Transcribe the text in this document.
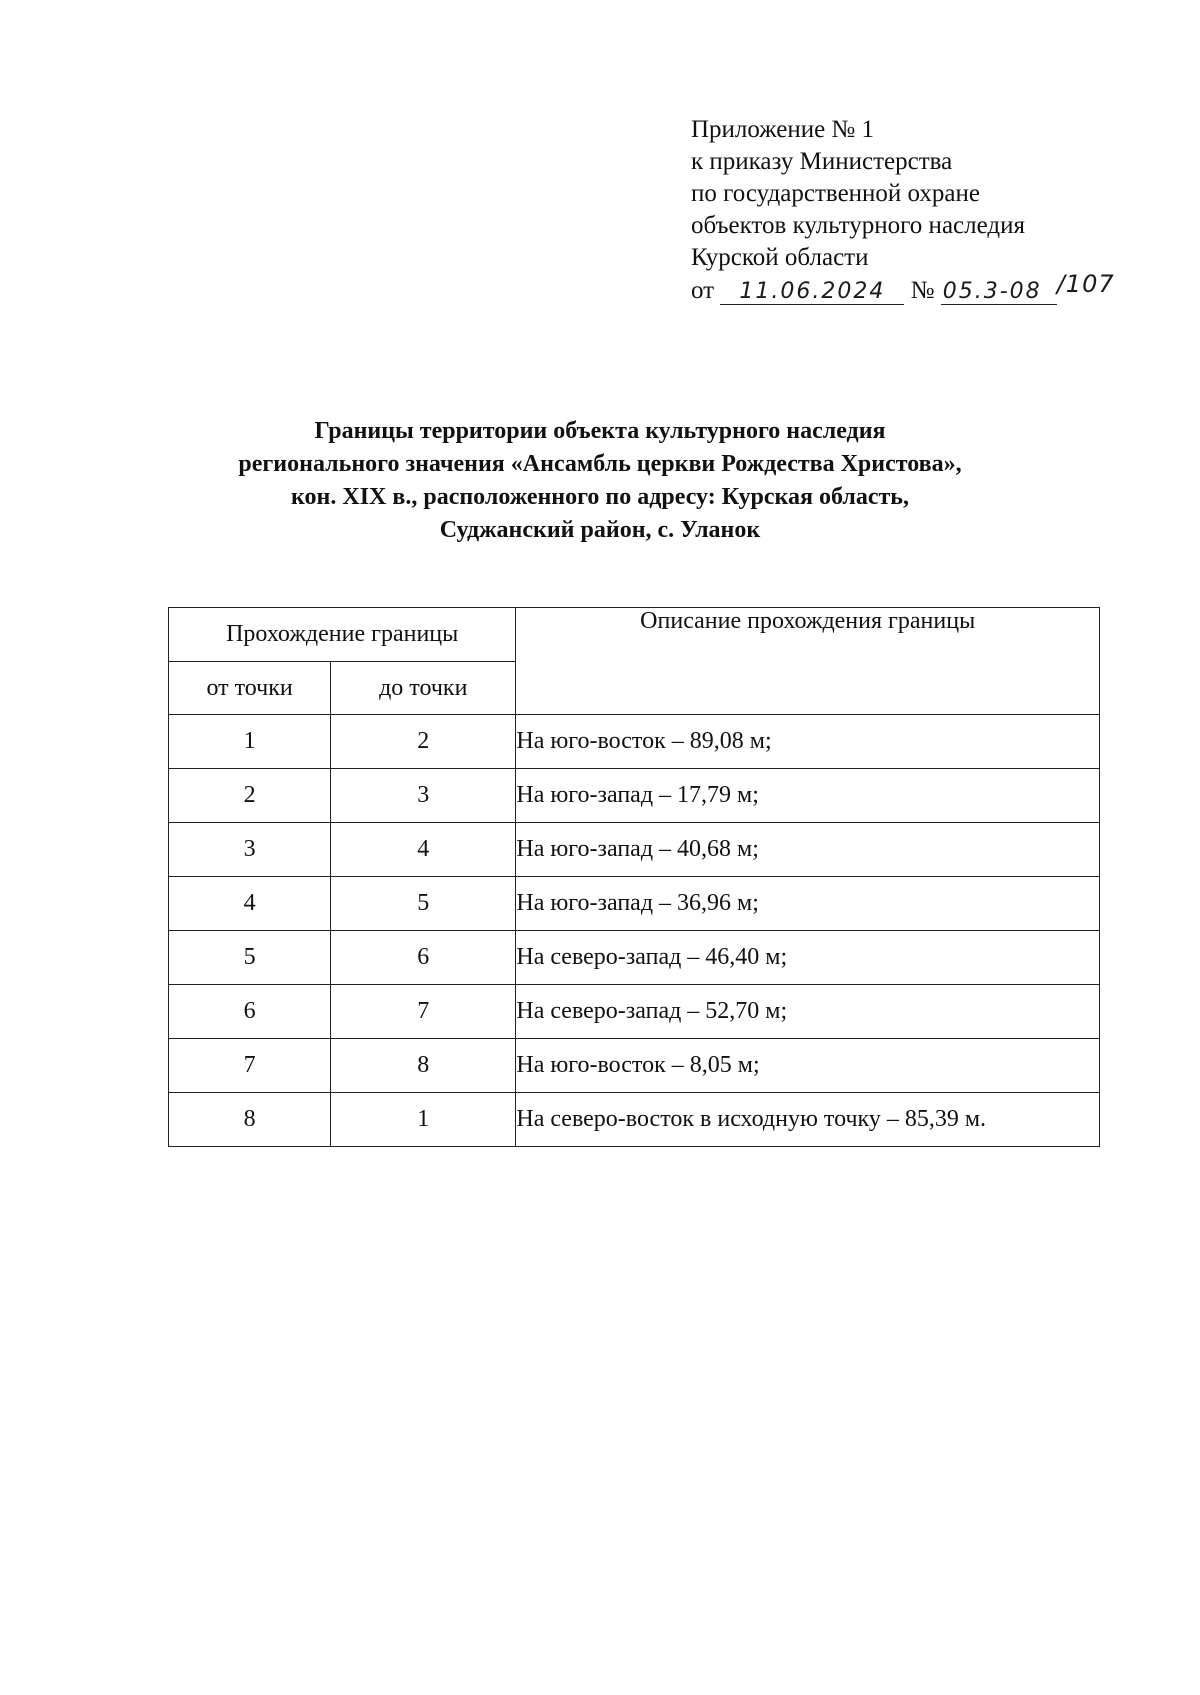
Приложение № 1
к приказу Министерства
по государственной охране
объектов культурного наследия
Курской области
от 11.06.2024 № 05.3-08 /107
Границы территории объекта культурного наследия
регионального значения «Ансамбль церкви Рождества Христова»,
кон. XIX в., расположенного по адресу: Курская область,
Суджанский район, с. Уланок
Прохождение границы		Описание прохождения границы
от точки	до точки	
1	2	На юго-восток – 89,08 м;
2	3	На юго-запад – 17,79 м;
3	4	На юго-запад – 40,68 м;
4	5	На юго-запад – 36,96 м;
5	6	На северо-запад – 46,40 м;
6	7	На северо-запад – 52,70 м;
7	8	На юго-восток – 8,05 м;
8	1	На северо-восток в исходную точку – 85,39 м.
